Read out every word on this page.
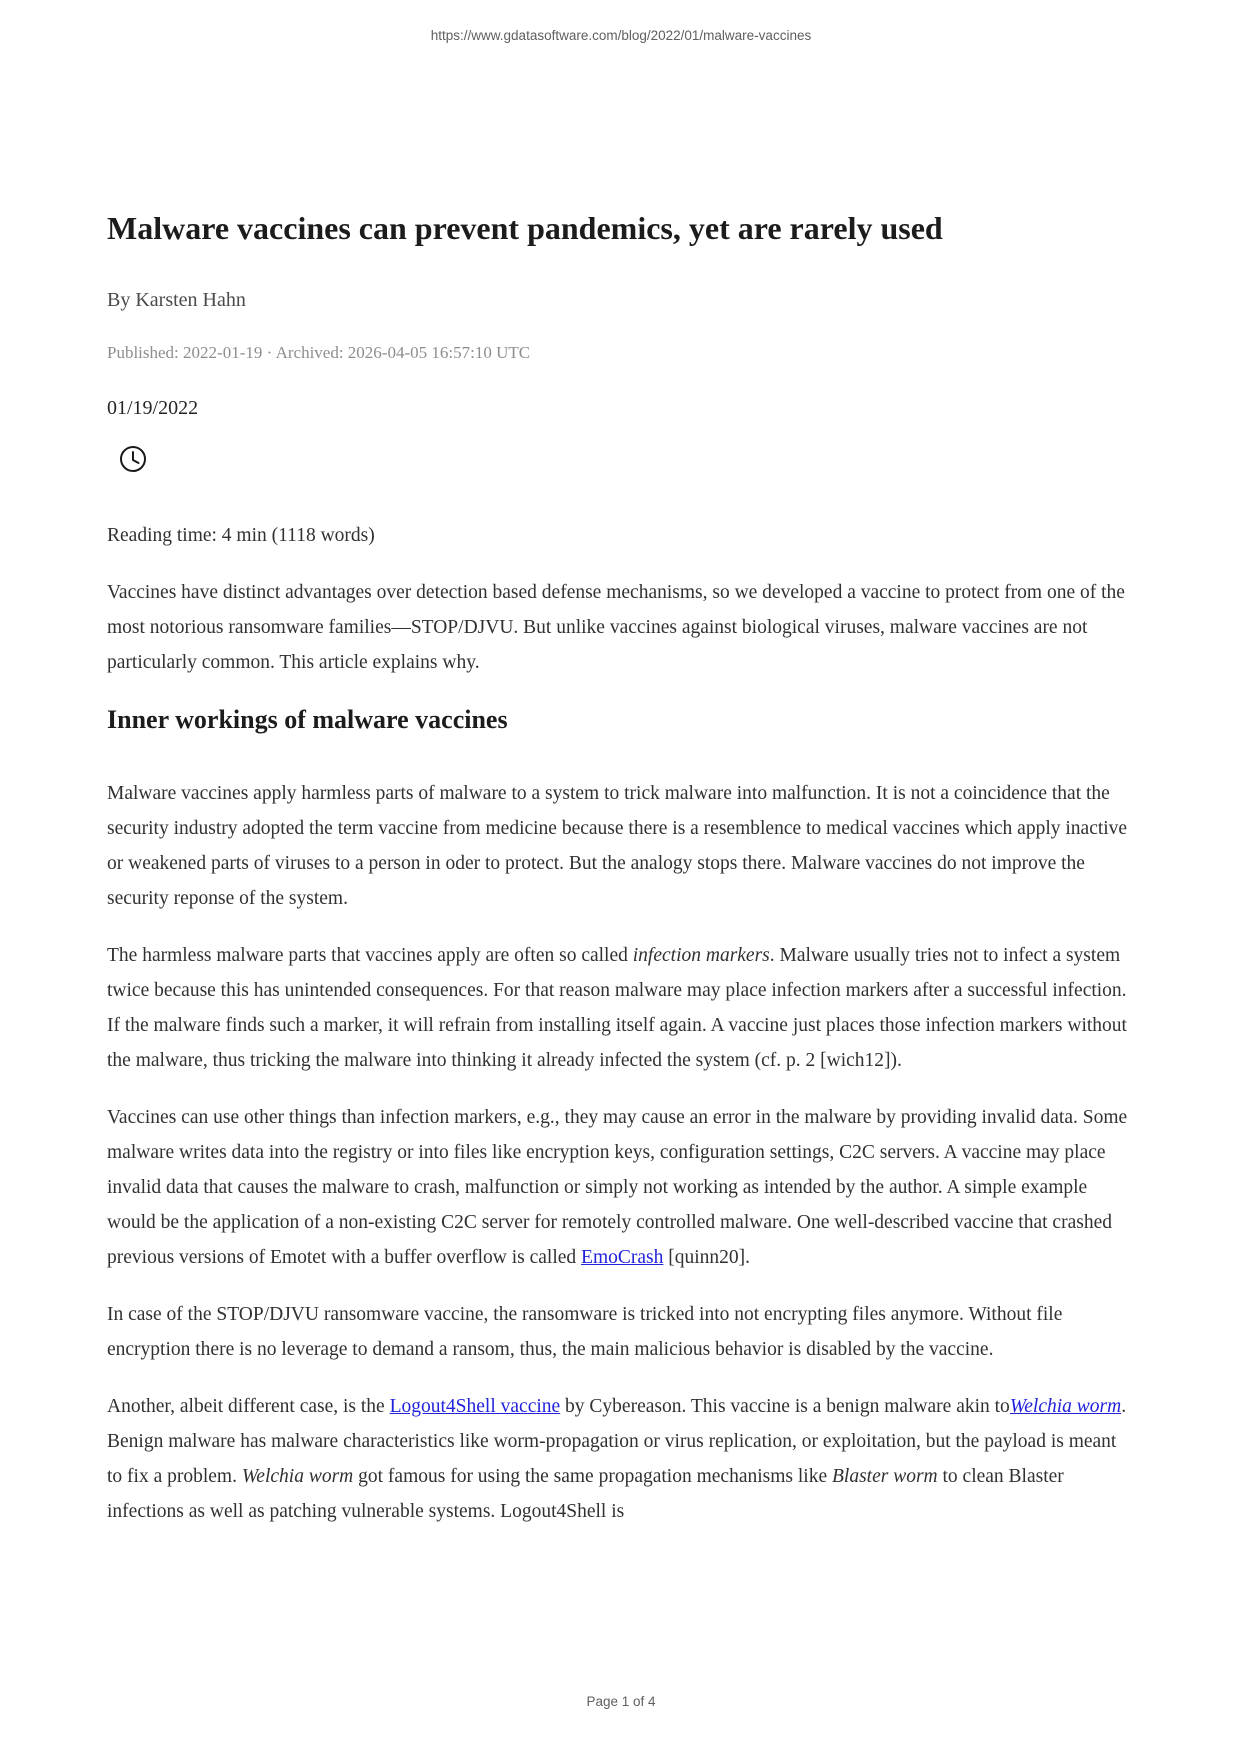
https://www.gdatasoftware.com/blog/2022/01/malware-vaccines
Malware vaccines can prevent pandemics, yet are rarely used
By Karsten Hahn
Published: 2022-01-19 · Archived: 2026-04-05 16:57:10 UTC
01/19/2022

Reading time: 4 min (1118 words)

Vaccines have distinct advantages over detection based defense mechanisms, so we developed a vaccine to protect from one of the most notorious ransomware families—STOP/DJVU. But unlike vaccines against biological viruses, malware vaccines are not particularly common. This article explains why.

Inner workings of malware vaccines

Malware vaccines apply harmless parts of malware to a system to trick malware into malfunction. It is not a coincidence that the security industry adopted the term vaccine from medicine because there is a resemblence to medical vaccines which apply inactive or weakened parts of viruses to a person in oder to protect. But the analogy stops there. Malware vaccines do not improve the security reponse of the system.

The harmless malware parts that vaccines apply are often so called infection markers. Malware usually tries not to infect a system twice because this has unintended consequences. For that reason malware may place infection markers after a successful infection. If the malware finds such a marker, it will refrain from installing itself again. A vaccine just places those infection markers without the malware, thus tricking the malware into thinking it already infected the system (cf. p. 2 [wich12]).

Vaccines can use other things than infection markers, e.g., they may cause an error in the malware by providing invalid data. Some malware writes data into the registry or into files like encryption keys, configuration settings, C2C servers. A vaccine may place invalid data that causes the malware to crash, malfunction or simply not working as intended by the author. A simple example would be the application of a non-existing C2C server for remotely controlled malware. One well-described vaccine that crashed previous versions of Emotet with a buffer overflow is called EmoCrash [quinn20].

In case of the STOP/DJVU ransomware vaccine, the ransomware is tricked into not encrypting files anymore. Without file encryption there is no leverage to demand a ransom, thus, the main malicious behavior is disabled by the vaccine.

Another, albeit different case, is the Logout4Shell vaccine by Cybereason. This vaccine is a benign malware akin toWelchia worm. Benign malware has malware characteristics like worm-propagation or virus replication, or exploitation, but the payload is meant to fix a problem. Welchia worm got famous for using the same propagation mechanisms like Blaster worm to clean Blaster infections as well as patching vulnerable systems. Logout4Shell is

Page 1 of 4
